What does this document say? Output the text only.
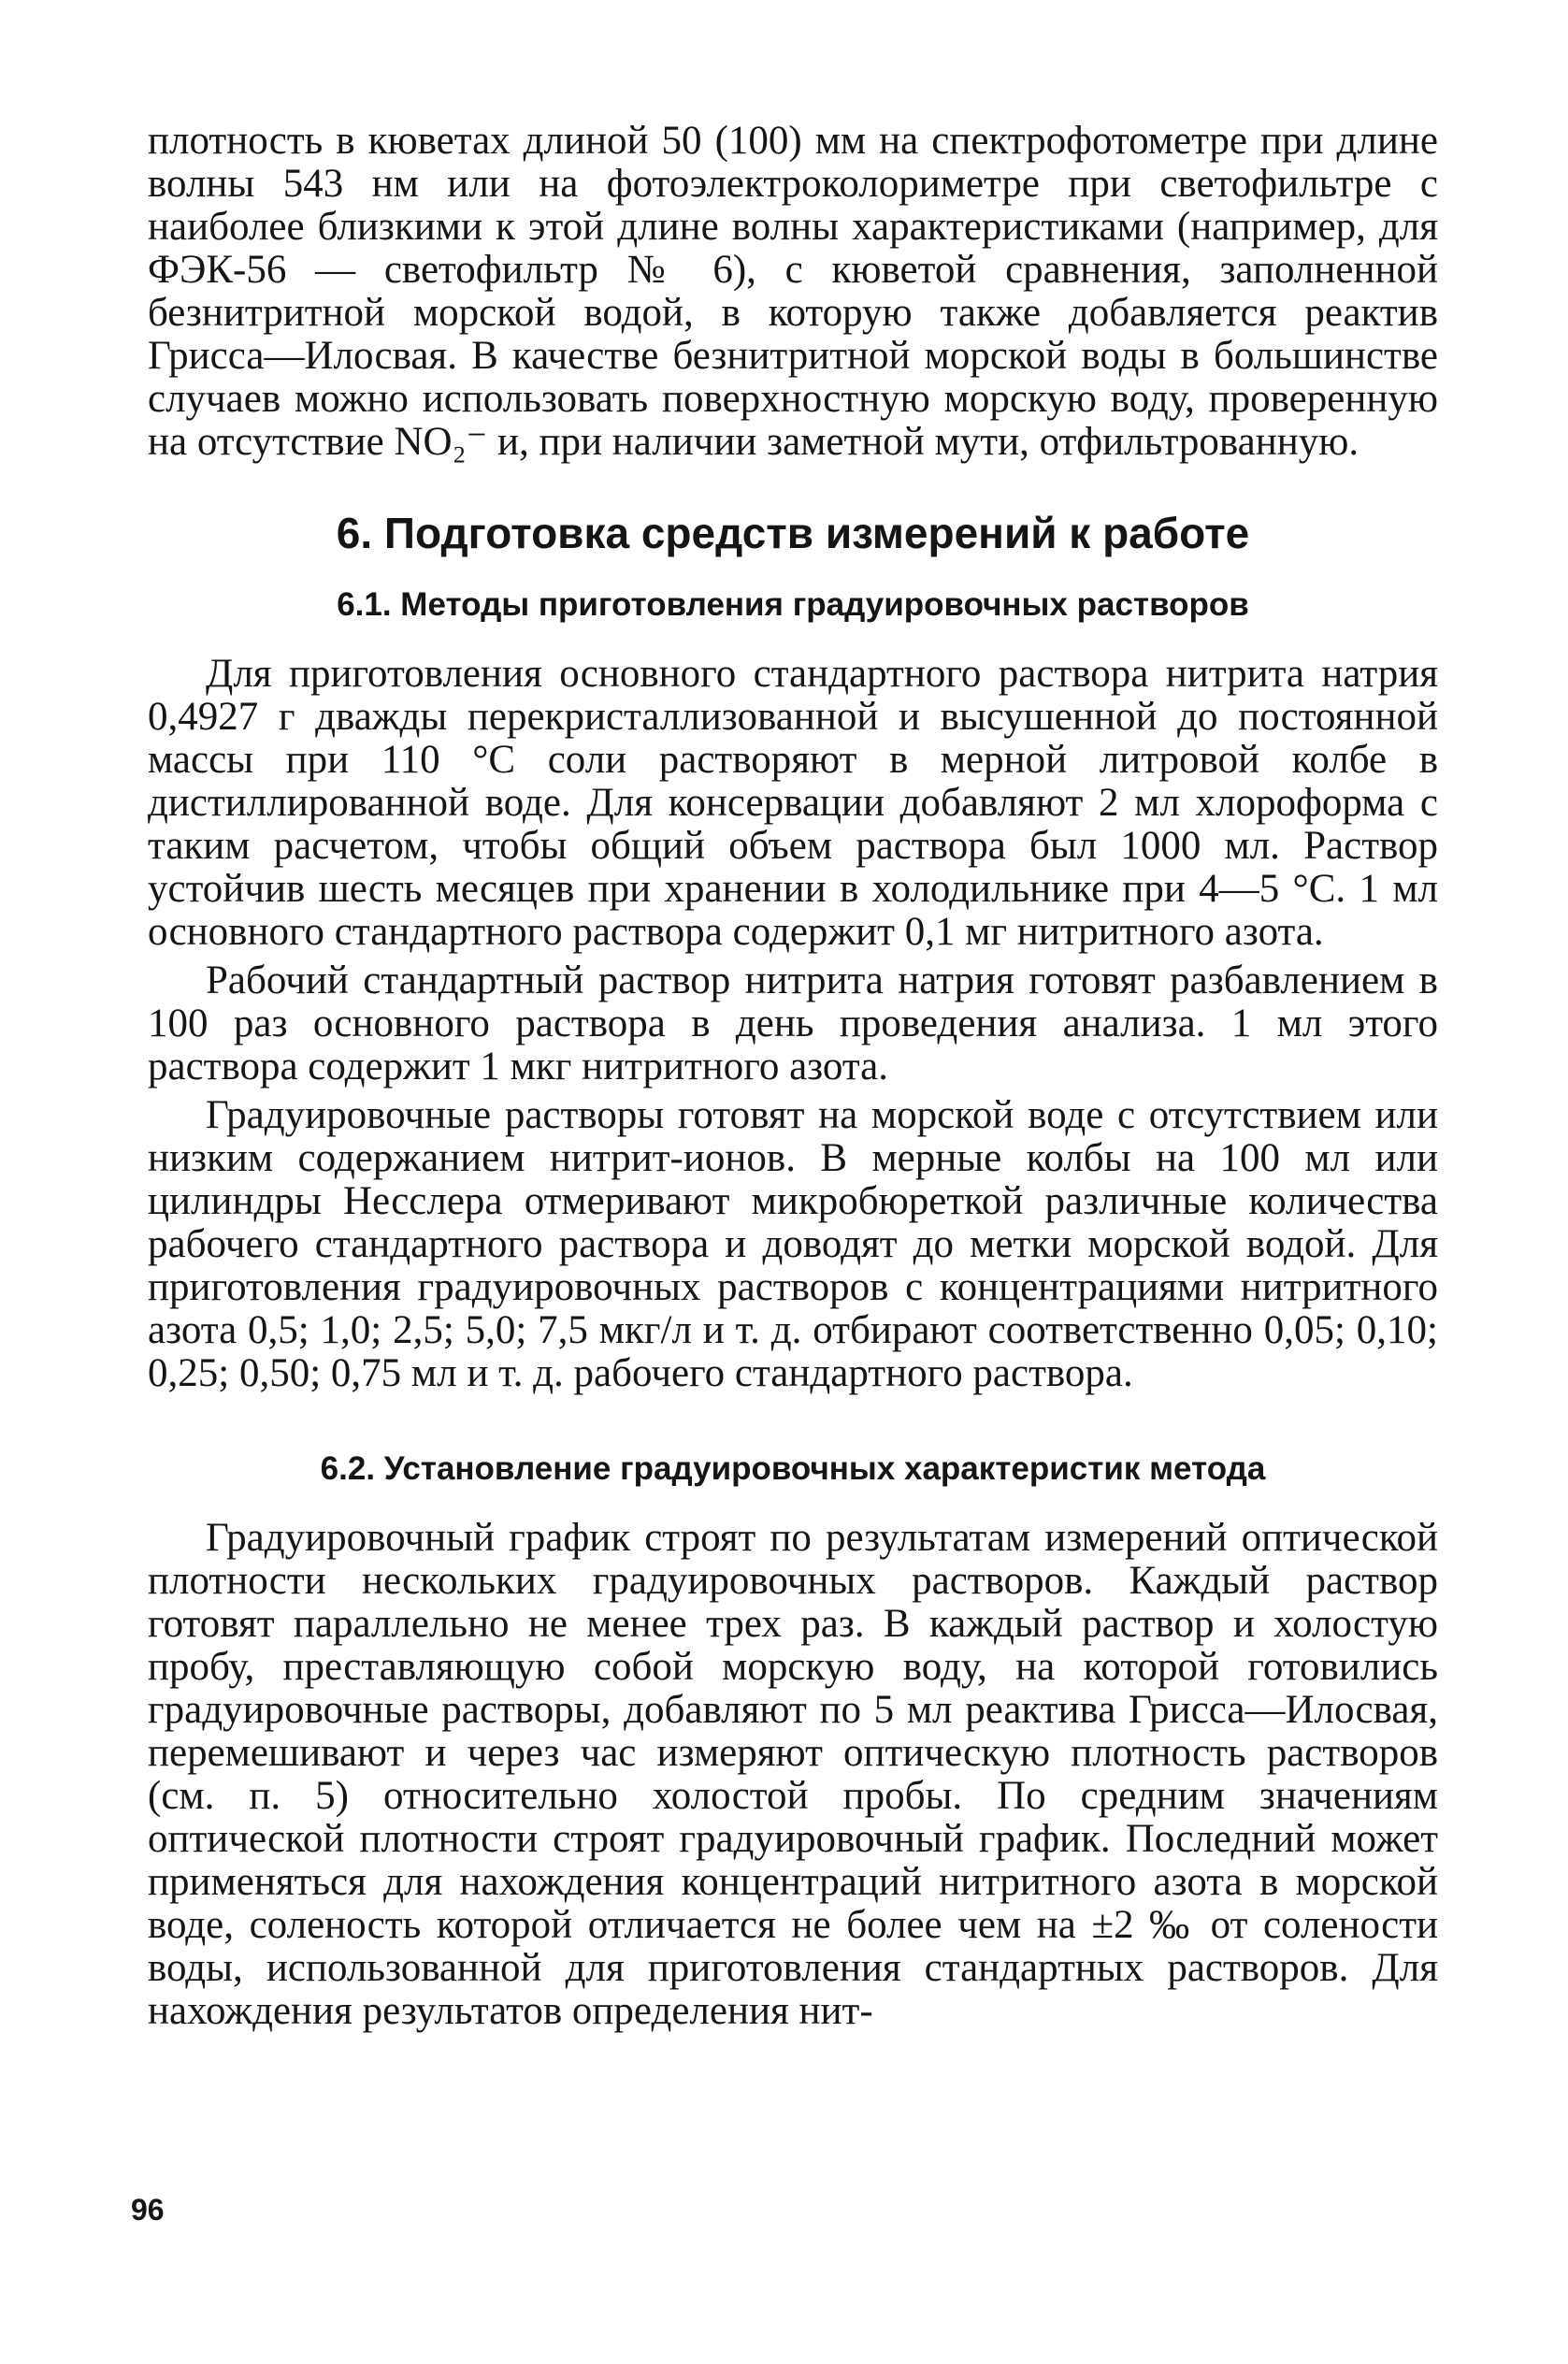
плотность в кюветах длиной 50 (100) мм на спектрофотометре при длине волны 543 нм или на фотоэлектроколориметре при светофильтре с наиболее близкими к этой длине волны характеристиками (например, для ФЭК-56 — светофильтр № 6), с кюветой сравнения, заполненной безнитритной морской водой, в которую также добавляется реактив Грисса—Илосвая. В качестве безнитритной морской воды в большинстве случаев можно использовать поверхностную морскую воду, проверенную на отсутствие NO₂⁻ и, при наличии заметной мути, отфильтрованную.

6. Подготовка средств измерений к работе
6.1. Методы приготовления градуировочных растворов

Для приготовления основного стандартного раствора нитрита натрия 0,4927 г дважды перекристаллизованной и высушенной до постоянной массы при 110 °С соли растворяют в мерной литровой колбе в дистиллированной воде. Для консервации добавляют 2 мл хлороформа с таким расчетом, чтобы общий объем раствора был 1000 мл. Раствор устойчив шесть месяцев при хранении в холодильнике при 4—5 °С. 1 мл основного стандартного раствора содержит 0,1 мг нитритного азота.

Рабочий стандартный раствор нитрита натрия готовят разбавлением в 100 раз основного раствора в день проведения анализа. 1 мл этого раствора содержит 1 мкг нитритного азота.

Градуировочные растворы готовят на морской воде с отсутствием или низким содержанием нитрит-ионов. В мерные колбы на 100 мл или цилиндры Несслера отмеривают микробюреткой различные количества рабочего стандартного раствора и доводят до метки морской водой. Для приготовления градуировочных растворов с концентрациями нитритного азота 0,5; 1,0; 2,5; 5,0; 7,5 мкг/л и т. д. отбирают соответственно 0,05; 0,10; 0,25; 0,50; 0,75 мл и т. д. рабочего стандартного раствора.

6.2. Установление градуировочных характеристик метода

Градуировочный график строят по результатам измерений оптической плотности нескольких градуировочных растворов. Каждый раствор готовят параллельно не менее трех раз. В каждый раствор и холостую пробу, преставляющую собой морскую воду, на которой готовились градуировочные растворы, добавляют по 5 мл реактива Грисса—Илосвая, перемешивают и через час измеряют оптическую плотность растворов (см. п. 5) относительно холостой пробы. По средним значениям оптической плотности строят градуировочный график. Последний может применяться для нахождения концентраций нитритного азота в морской воде, соленость которой отличается не более чем на ±2 ‰ от солености воды, использованной для приготовления стандартных растворов. Для нахождения результатов определения нит-

96
